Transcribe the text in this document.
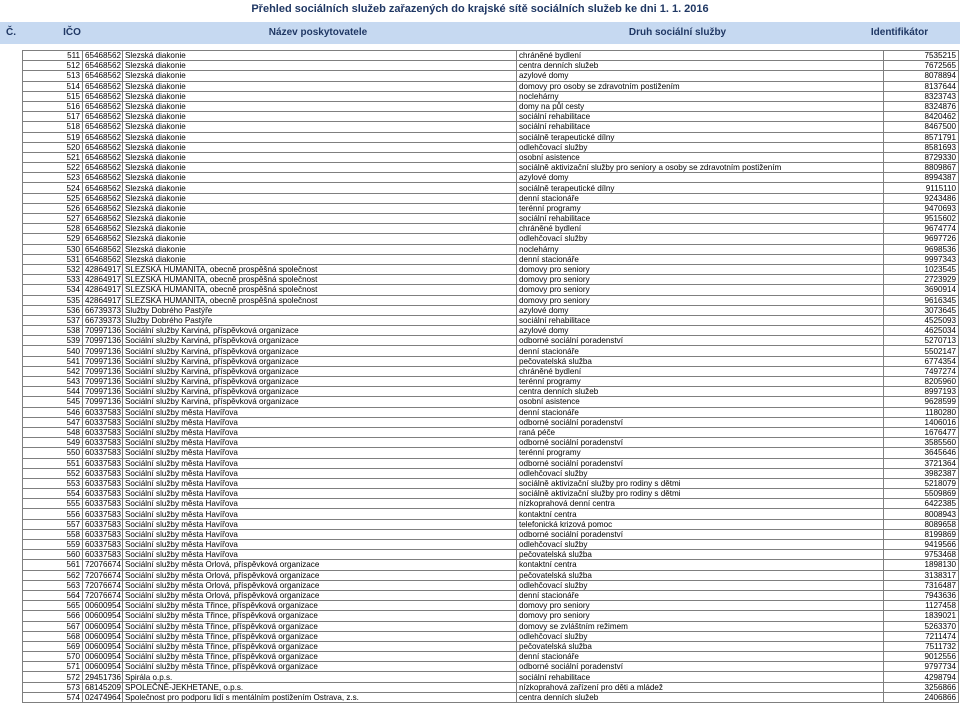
Přehled sociálních služeb zařazených do krajské sítě sociálních služeb ke dni 1. 1. 2016
Č.	IČO	Název poskytovatele	Druh sociální služby	Identifikátor
511	65468562	Slezská diakonie	chráněné bydlení	7535215
512	65468562	Slezská diakonie	centra denních služeb	7672565
513	65468562	Slezská diakonie	azylové domy	8078894
514	65468562	Slezská diakonie	domovy pro osoby se zdravotním postižením	8137644
515	65468562	Slezská diakonie	noclehárny	8323743
516	65468562	Slezská diakonie	domy na půl cesty	8324876
517	65468562	Slezská diakonie	sociální rehabilitace	8420462
518	65468562	Slezská diakonie	sociální rehabilitace	8467500
519	65468562	Slezská diakonie	sociálně terapeutické dílny	8571791
520	65468562	Slezská diakonie	odlehčovací služby	8581693
521	65468562	Slezská diakonie	osobní asistence	8729330
522	65468562	Slezská diakonie	sociálně aktivizační služby pro seniory a osoby se zdravotním postižením	8809867
523	65468562	Slezská diakonie	azylové domy	8994387
524	65468562	Slezská diakonie	sociálně terapeutické dílny	9115110
525	65468562	Slezská diakonie	denní stacionáře	9243486
526	65468562	Slezská diakonie	terénní programy	9470693
527	65468562	Slezská diakonie	sociální rehabilitace	9515602
528	65468562	Slezská diakonie	chráněné bydlení	9674774
529	65468562	Slezská diakonie	odlehčovací služby	9697726
530	65468562	Slezská diakonie	noclehárny	9698536
531	65468562	Slezská diakonie	denní stacionáře	9997343
532	42864917	SLEZSKÁ HUMANITA, obecně prospěšná společnost	domovy pro seniory	1023545
533	42864917	SLEZSKÁ HUMANITA, obecně prospěšná společnost	domovy pro seniory	2723929
534	42864917	SLEZSKÁ HUMANITA, obecně prospěšná společnost	domovy pro seniory	3690914
535	42864917	SLEZSKÁ HUMANITA, obecně prospěšná společnost	domovy pro seniory	9616345
536	66739373	Služby Dobrého Pastýře	azylové domy	3073645
537	66739373	Služby Dobrého Pastýře	sociální rehabilitace	4525093
538	70997136	Sociální služby Karviná, příspěvková organizace	azylové domy	4625034
539	70997136	Sociální služby Karviná, příspěvková organizace	odborné sociální poradenství	5270713
540	70997136	Sociální služby Karviná, příspěvková organizace	denní stacionáře	5502147
541	70997136	Sociální služby Karviná, příspěvková organizace	pečovatelská služba	6774354
542	70997136	Sociální služby Karviná, příspěvková organizace	chráněné bydlení	7497274
543	70997136	Sociální služby Karviná, příspěvková organizace	terénní programy	8205960
544	70997136	Sociální služby Karviná, příspěvková organizace	centra denních služeb	8997193
545	70997136	Sociální služby Karviná, příspěvková organizace	osobní asistence	9628599
546	60337583	Sociální služby města Havířova	denní stacionáře	1180280
547	60337583	Sociální služby města Havířova	odborné sociální poradenství	1406016
548	60337583	Sociální služby města Havířova	raná péče	1676477
549	60337583	Sociální služby města Havířova	odborné sociální poradenství	3585560
550	60337583	Sociální služby města Havířova	terénní programy	3645646
551	60337583	Sociální služby města Havířova	odborné sociální poradenství	3721364
552	60337583	Sociální služby města Havířova	odlehčovací služby	3982387
553	60337583	Sociální služby města Havířova	sociálně aktivizační služby pro rodiny s dětmi	5218079
554	60337583	Sociální služby města Havířova	sociálně aktivizační služby pro rodiny s dětmi	5509869
555	60337583	Sociální služby města Havířova	nízkoprahová denní centra	6422385
556	60337583	Sociální služby města Havířova	kontaktní centra	8008943
557	60337583	Sociální služby města Havířova	telefonická krizová pomoc	8089658
558	60337583	Sociální služby města Havířova	odborné sociální poradenství	8199869
559	60337583	Sociální služby města Havířova	odlehčovací služby	9419566
560	60337583	Sociální služby města Havířova	pečovatelská služba	9753468
561	72076674	Sociální služby města Orlová, příspěvková organizace	kontaktní centra	1898130
562	72076674	Sociální služby města Orlová, příspěvková organizace	pečovatelská služba	3138317
563	72076674	Sociální služby města Orlová, příspěvková organizace	odlehčovací služby	7316487
564	72076674	Sociální služby města Orlová, příspěvková organizace	denní stacionáře	7943636
565	00600954	Sociální služby města Třince, příspěvková organizace	domovy pro seniory	1127458
566	00600954	Sociální služby města Třince, příspěvková organizace	domovy pro seniory	1839021
567	00600954	Sociální služby města Třince, příspěvková organizace	domovy se zvláštním režimem	5263370
568	00600954	Sociální služby města Třince, příspěvková organizace	odlehčovací služby	7211474
569	00600954	Sociální služby města Třince, příspěvková organizace	pečovatelská služba	7511732
570	00600954	Sociální služby města Třince, příspěvková organizace	denní stacionáře	9012556
571	00600954	Sociální služby města Třince, příspěvková organizace	odborné sociální poradenství	9797734
572	29451736	Spirála o.p.s.	sociální rehabilitace	4298794
573	68145209	SPOLEČNĚ-JEKHETANE, o.p.s.	nízkoprahová zařízení pro děti a mládež	3256866
574	02474964	Společnost pro podporu lidí s mentálním postižením Ostrava, z.s.	centra denních služeb	2406866
